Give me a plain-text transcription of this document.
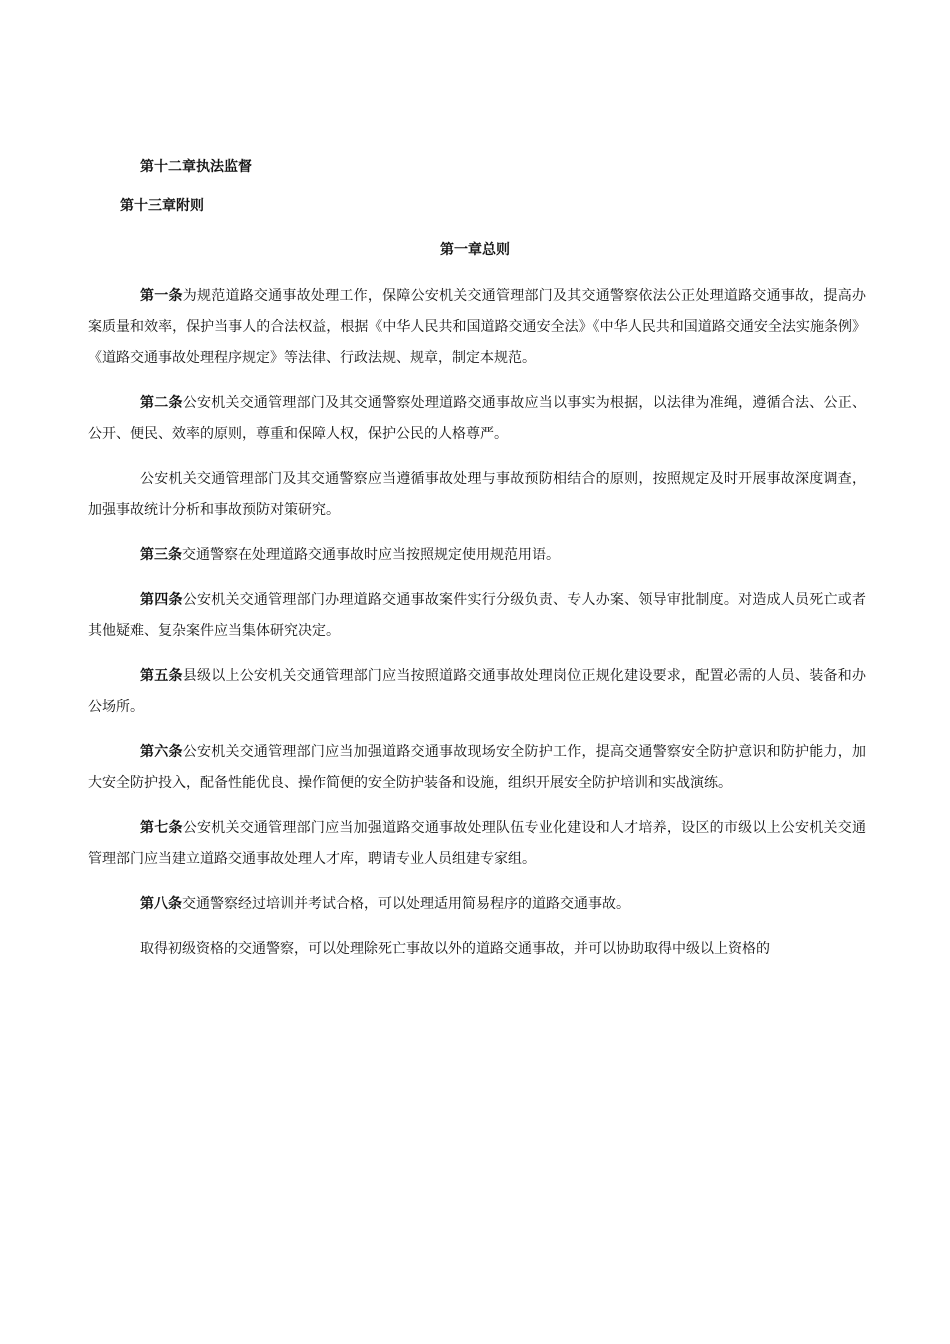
第十二章执法监督
第十三章附则
第一章总则

第一条为规范道路交通事故处理工作，保障公安机关交通管理部门及其交通警察依法公正处理道路交通事故，提高办案质量和效率，保护当事人的合法权益，根据《中华人民共和国道路交通安全法》《中华人民共和国道路交通安全法实施条例》《道路交通事故处理程序规定》等法律、行政法规、规章，制定本规范。

第二条公安机关交通管理部门及其交通警察处理道路交通事故应当以事实为根据，以法律为准绳，遵循合法、公正、公开、便民、效率的原则，尊重和保障人权，保护公民的人格尊严。

公安机关交通管理部门及其交通警察应当遵循事故处理与事故预防相结合的原则，按照规定及时开展事故深度调查，加强事故统计分析和事故预防对策研究。

第三条交通警察在处理道路交通事故时应当按照规定使用规范用语。

第四条公安机关交通管理部门办理道路交通事故案件实行分级负责、专人办案、领导审批制度。对造成人员死亡或者其他疑难、复杂案件应当集体研究决定。

第五条县级以上公安机关交通管理部门应当按照道路交通事故处理岗位正规化建设要求，配置必需的人员、装备和办公场所。

第六条公安机关交通管理部门应当加强道路交通事故现场安全防护工作，提高交通警察安全防护意识和防护能力，加大安全防护投入，配备性能优良、操作简便的安全防护装备和设施，组织开展安全防护培训和实战演练。

第七条公安机关交通管理部门应当加强道路交通事故处理队伍专业化建设和人才培养，设区的市级以上公安机关交通管理部门应当建立道路交通事故处理人才库，聘请专业人员组建专家组。

第八条交通警察经过培训并考试合格，可以处理适用简易程序的道路交通事故。

取得初级资格的交通警察，可以处理除死亡事故以外的道路交通事故，并可以协助取得中级以上资格的
